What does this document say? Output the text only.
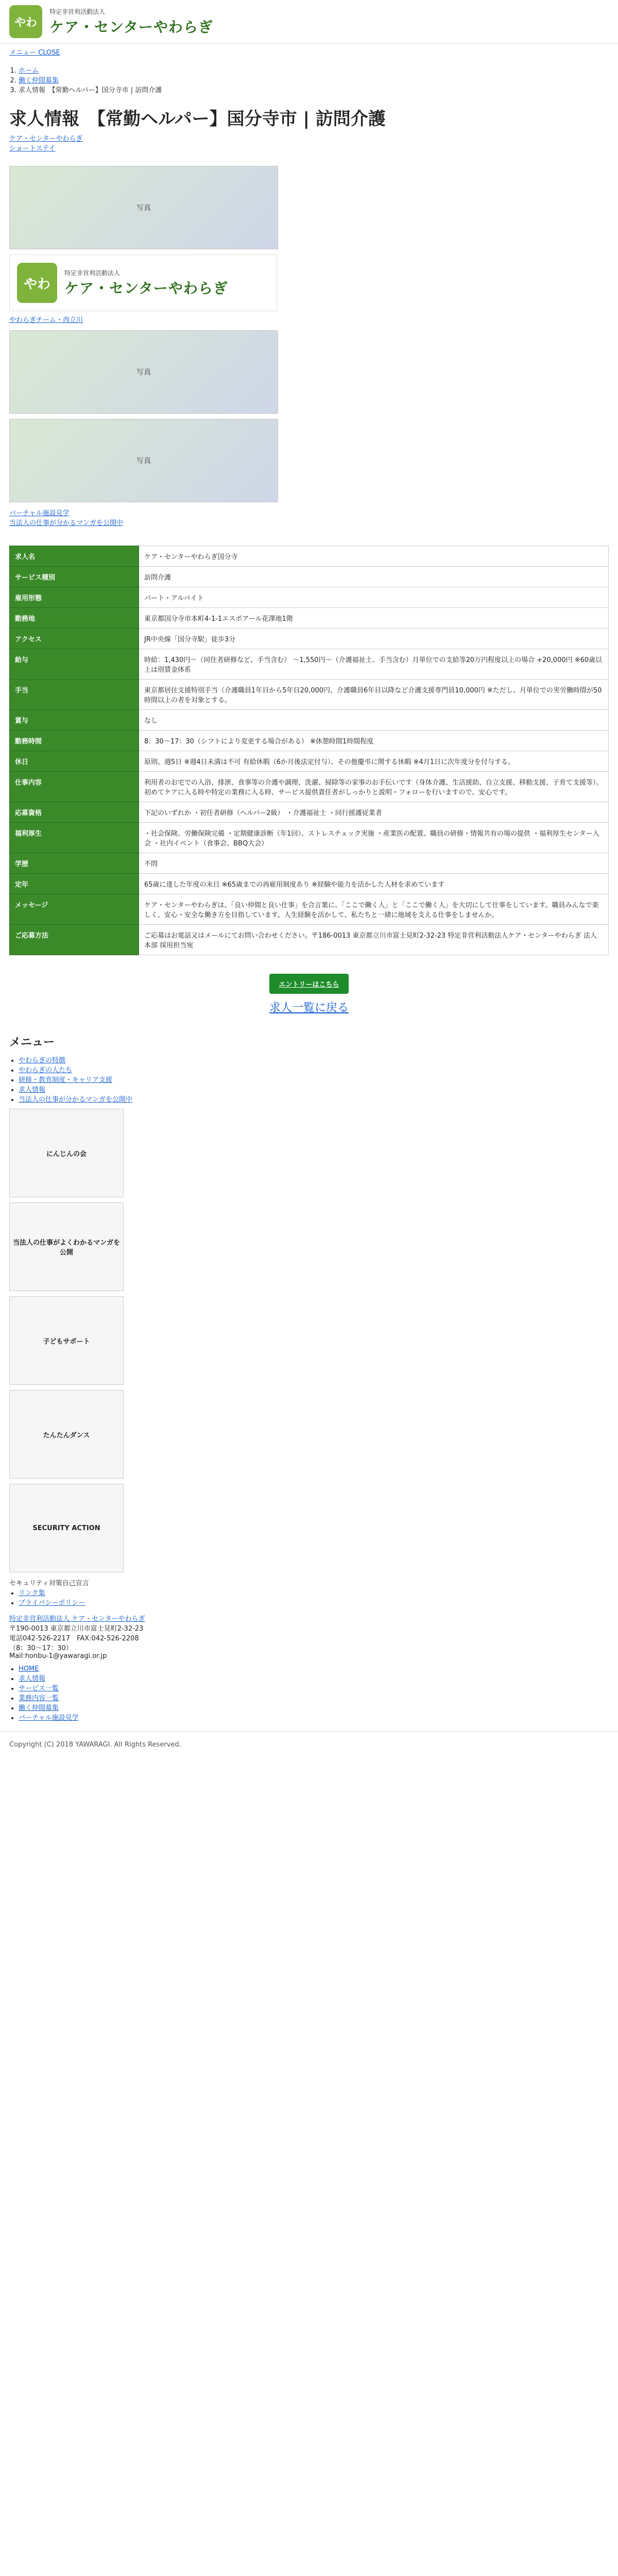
やわ
特定非営利活動法人
ケア・センターやわらぎ
メニュー CLOSE
1. ホーム
2. 働く仲間募集
3. 求人情報　【常勤ヘルパー】国分寺市 | 訪問介護
求人情報　【常勤ヘルパー】国分寺市 | 訪問介護
ケア・センターやわらぎ
ショートステイ
写真
やわ
特定非営利活動法人
ケア・センターやわらぎ
やわらぎチーム・西立川
写真
写真
バーチャル施設見学
当法人の仕事が分かるマンガを公開中
求人名	ケア・センターやわらぎ国分寺
サービス種別	訪問介護
雇用形態	パート・アルバイト
勤務地	東京都国分寺市本町4-1-1エスポアール花澤地1階
アクセス	JR中央線「国分寺駅」徒歩3分
給与	時給：1,430円〜（同住者研修など、手当含む） 〜1,550円〜（介護福祉士、手当含む）月単位での支給等20万円程度以上の場合 +20,000円 ※60歳以上は別賃金体系
手当	東京都居住支援特別手当（介護職員1年目から5年目20,000円、介護職員6年目以降など介護支援専門員10,000円 ※ただし、月単位での実労働時間が50時間以上の者を対象とする。
賞与	なし
勤務時間	8：30〜17：30（シフトにより変更する場合がある） ※休憩時間1時間程度
休日	原則、週5日 ※週4日未満は不可 有給休暇（6か月後法定付与）、その他慶弔に関する休暇 ※4月1日に次年度分を付与する。
仕事内容	利用者のお宅での入浴、排泄、食事等の介護や調理、洗濯、掃除等の家事のお手伝いです（身体介護、生活援助、自立支援、移動支援、子育て支援等）。初めてケアに入る時や特定の業務に入る時、サービス提供責任者がしっかりと説明・フォローを行いますので、安心です。
応募資格	下記のいずれか ・初任者研修（ヘルパー2級） ・介護福祉士 ・同行援護従業者
福利厚生	・社会保険、労働保険完備 ・定期健康診断（年1回）、ストレスチェック実施 ・産業医の配置、職員の研修・情報共有の場の提供 ・福利厚生センター入会 ・社内イベント（食事会、BBQ大会）
学歴	不問
定年	65歳に達した年度の末日 ※65歳までの再雇用制度あり ※経験や能力を活かした人材を求めています
メッセージ	ケア・センターやわらぎは、「良い仲間と良い仕事」を合言葉に、「ここで働く人」と「ここで働く人」を大切にして仕事をしています。職員みんなで楽しく、安心・安全な働き方を目指しています。人生経験を活かして、私たちと一緒に地域を支える仕事をしませんか。
ご応募方法	ご応募はお電話又はメールにてお問い合わせください。〒186-0013 東京都立川市富士見町2-32-23 特定非営利活動法人ケア・センターやわらぎ 法人本部 採用担当宛
エントリーはこちら
求人一覧に戻る
メニュー
• やわらぎの特徴
• やわらぎの人たち
• 研修・教育制度・キャリア支援
• 求人情報
• 当法人の仕事が分かるマンガを公開中
にんじんの会
当法人の仕事がよくわかるマンガを公開
子どもサポート
たんたんダンス
SECURITY ACTION
セキュリティ対策自己宣言
• リンク集
• プライバシーポリシー
特定非営利活動法人 ケア・センターやわらぎ
〒190-0013 東京都立川市富士見町2-32-23
電話042-526-2217　FAX:042-526-2208
（8：30〜17：30）
Mail:honbu-1@yawaragi.or.jp
• HOME
• 求人情報
• サービス一覧
• 業務内容一覧
• 働く仲間募集
• バーチャル施設見学
Copyright (C) 2018 YAWARAGI. All Rights Reserved.
